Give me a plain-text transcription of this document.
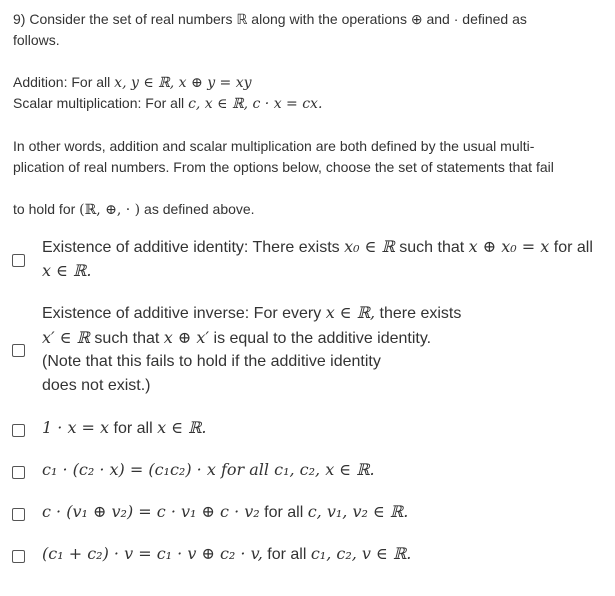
9) Consider the set of real numbers ℝ along with the operations ⊕ and · defined as
follows.
Addition: For all x, y ∈ ℝ, x ⊕ y = xy
Scalar multiplication: For all c, x ∈ ℝ, c · x = cx.
In other words, addition and scalar multiplication are both defined by the usual multi-
plication of real numbers. From the options below, choose the set of statements that fail
to hold for (ℝ, ⊕, · ) as defined above.
Existence of additive identity: There exists x₀ ∈ ℝ such that x ⊕ x₀ = x for all
x ∈ ℝ.
Existence of additive inverse: For every x ∈ ℝ, there exists
x′ ∈ ℝ such that x ⊕ x′ is equal to the additive identity.
(Note that this fails to hold if the additive identity
does not exist.)
1 · x = x for all x ∈ ℝ.
c₁ · (c₂ · x) = (c₁c₂) · x for all c₁, c₂, x ∈ ℝ.
c · (v₁ ⊕ v₂) = c · v₁ ⊕ c · v₂ for all c, v₁, v₂ ∈ ℝ.
(c₁ + c₂) · v = c₁ · v ⊕ c₂ · v, for all c₁, c₂, v ∈ ℝ.
